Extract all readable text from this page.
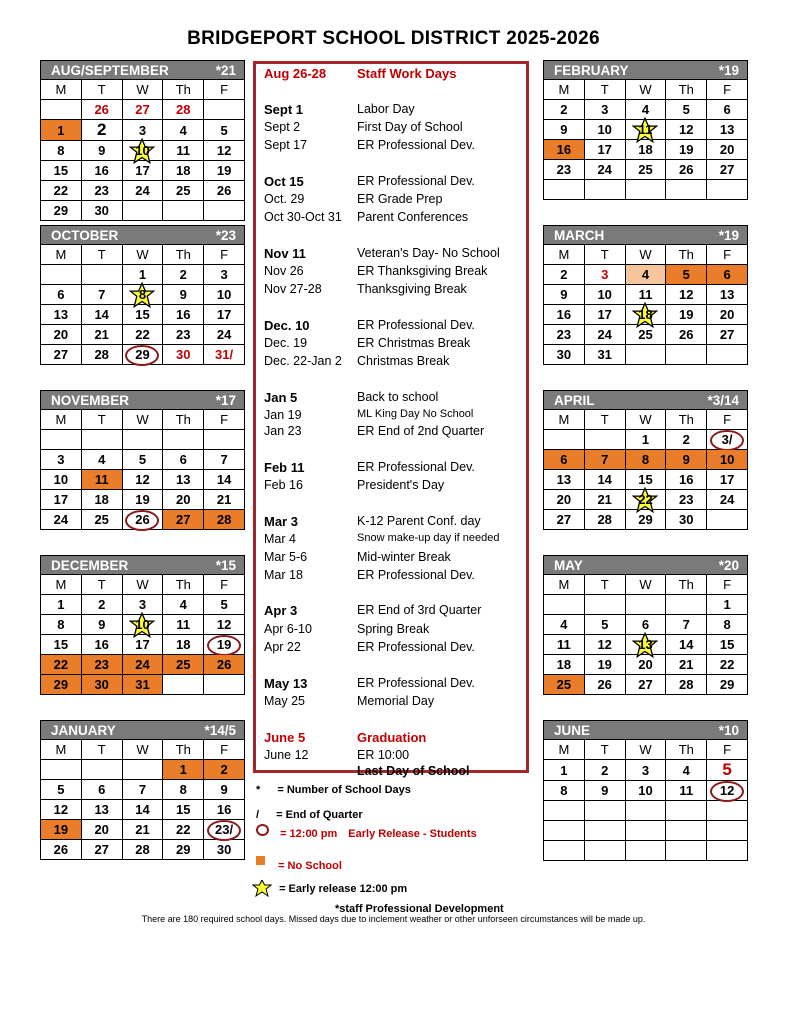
BRIDGEPORT SCHOOL DISTRICT 2025-2026
AUG/SEPTEMBER *21				

M	T	W	Th	F
	26	27	28	
1	2	3	4	5
8	9	10	11	12
15	16	17	18	19
22	23	24	25	26
29	30			
OCTOBER *23				

M	T	W	Th	F
		1	2	3
6	7	8	9	10
13	14	15	16	17
20	21	22	23	24
27	28	29	30	31/
NOVEMBER *17				

M	T	W	Th	F

3	4	5	6	7
10	11	12	13	14
17	18	19	20	21
24	25	26	27	28
DECEMBER *15				

M	T	W	Th	F
1	2	3	4	5
8	9	10	11	12
15	16	17	18	19
22	23	24	25	26
29	30	31		
JANUARY *14/5				

M	T	W	Th	F
			1	2
5	6	7	8	9
12	13	14	15	16
19	20	21	22	23/
26	27	28	29	30
FEBRUARY *19				

M	T	W	Th	F
2	3	4	5	6
9	10	11	12	13
16	17	18	19	20
23	24	25	26	27

MARCH *19				

M	T	W	Th	F
2	3	4	5	6
9	10	11	12	13
16	17	18	19	20
23	24	25	26	27
30	31			
APRIL *3/14				

M	T	W	Th	F
		1	2	3/
6	7	8	9	10
13	14	15	16	17
20	21	22	23	24
27	28	29	30	
MAY *20				

M	T	W	Th	F
				1
4	5	6	7	8
11	12	13	14	15
18	19	20	21	22
25	26	27	28	29
JUNE *10				

M	T	W	Th	F
1	2	3	4	5
8	9	10	11	12

Aug 26-28 Staff Work Days
Sept 1	Labor Day
Sept 2	First Day of School
Sept 17	ER Professional Dev.
Oct 15	ER Professional Dev.
Oct. 29	ER Grade Prep
Oct 30-Oct 31 Parent Conferences
Nov 11	Veteran's Day- No School
Nov 26	ER Thanksgiving Break
Nov 27-28	Thanksgiving Break
Dec. 10	ER Professional Dev.
Dec. 19	ER Christmas Break
Dec. 22-Jan 2 Christmas Break
Jan 5	Back to school
Jan 19	ML King Day No School
Jan 23	ER End of 2nd Quarter
Feb 11	ER Professional Dev.
Feb 16	President's Day
Mar 3	K-12 Parent Conf. day
Mar 4	Snow make-up day if needed
Mar 5-6	Mid-winter Break
Mar 18	ER Professional Dev.
Apr 3	ER End of 3rd Quarter
Apr 6-10	Spring Break
Apr 22	ER Professional Dev.
May 13	ER Professional Dev.
May 25	Memorial Day
June 5	Graduation
June 12	ER 10:00
Last Day of School
* = Number of School Days
/ = End of Quarter
= 12:00 pm Early Release - Students
= No School
= Early release 12:00 pm
*staff Professional Development
There are 180 required school days. Missed days due to inclement weather or other unforseen circumstances will be made up.
